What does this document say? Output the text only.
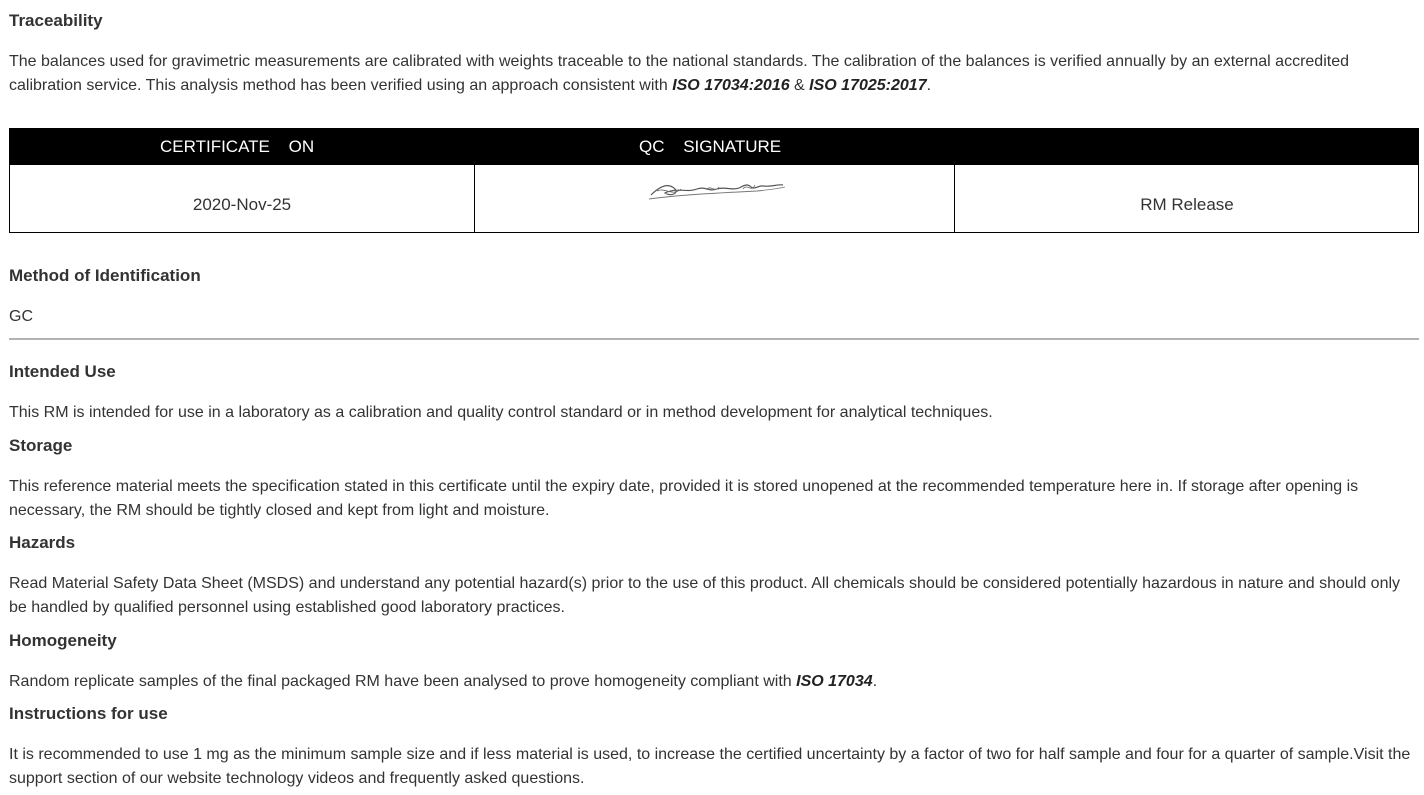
Traceability
The balances used for gravimetric measurements are calibrated with weights traceable to the national standards. The calibration of the balances is verified annually by an external accredited calibration service. This analysis method has been verified using an approach consistent with ISO 17034:2016 & ISO 17025:2017.
CERTIFICATE ON	QC SIGNATURE
2020-Nov-25	RM Release
Method of Identification
GC
Intended Use
This RM is intended for use in a laboratory as a calibration and quality control standard or in method development for analytical techniques.
Storage
This reference material meets the specification stated in this certificate until the expiry date, provided it is stored unopened at the recommended temperature here in. If storage after opening is necessary, the RM should be tightly closed and kept from light and moisture.
Hazards
Read Material Safety Data Sheet (MSDS) and understand any potential hazard(s) prior to the use of this product. All chemicals should be considered potentially hazardous in nature and should only be handled by qualified personnel using established good laboratory practices.
Homogeneity
Random replicate samples of the final packaged RM have been analysed to prove homogeneity compliant with ISO 17034.
Instructions for use
It is recommended to use 1 mg as the minimum sample size and if less material is used, to increase the certified uncertainty by a factor of two for half sample and four for a quarter of sample.Visit the support section of our website technology videos and frequently asked questions.
